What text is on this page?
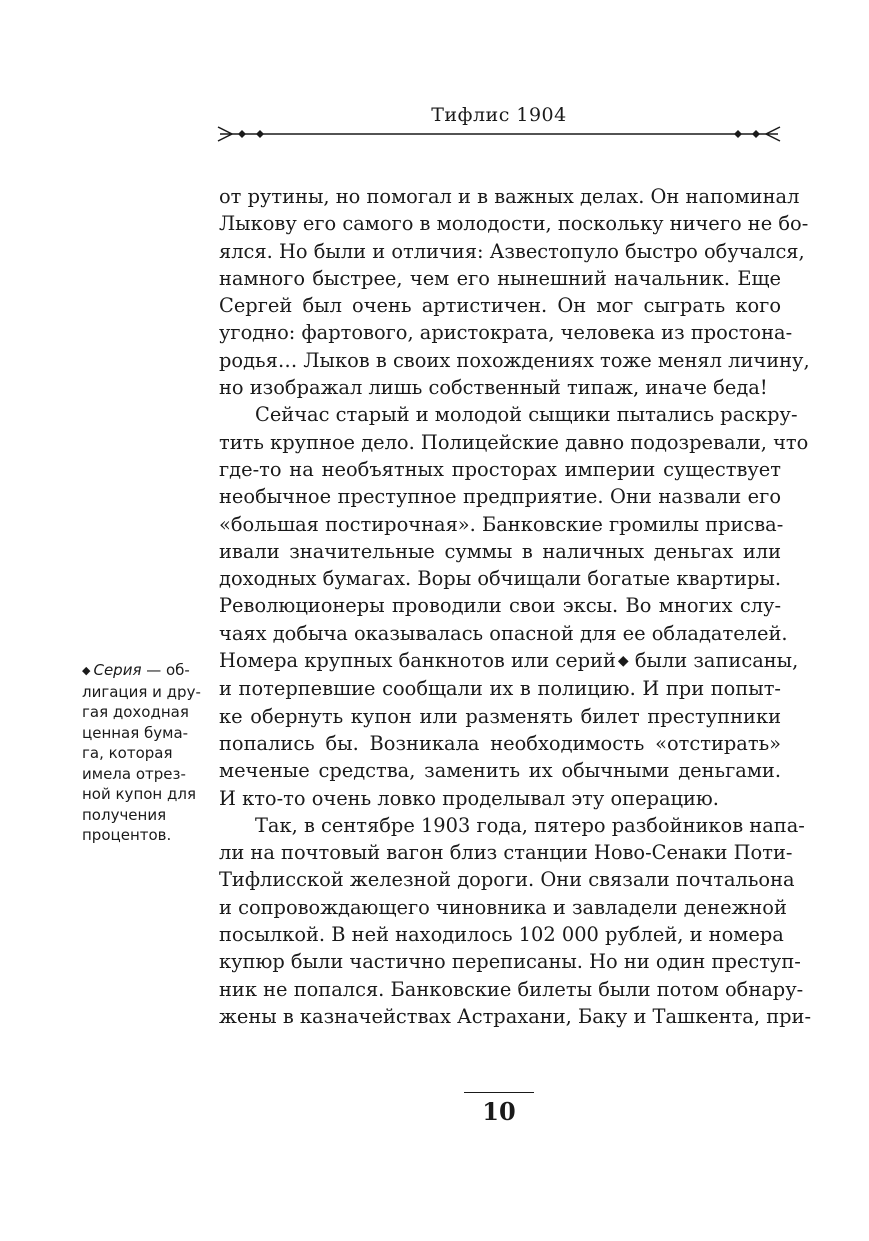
Тифлис 1904
от рутины, но помогал и в важных делах. Он напоминал
Лыкову его самого в молодости, поскольку ничего не бо-
ялся. Но были и отличия: Азвестопуло быстро обучался,
намного быстрее, чем его нынешний начальник. Еще
Сергей был очень артистичен. Он мог сыграть кого
угодно: фартового, аристократа, человека из простона-
родья… Лыков в своих похождениях тоже менял личину,
но изображал лишь собственный типаж, иначе беда!
Сейчас старый и молодой сыщики пытались раскру-
тить крупное дело. Полицейские давно подозревали, что
где-то на необъятных просторах империи существует
необычное преступное предприятие. Они назвали его
«большая постирочная». Банковские громилы присва-
ивали значительные суммы в наличных деньгах или
доходных бумагах. Воры обчищали богатые квартиры.
Революционеры проводили свои эксы. Во многих слу-
чаях добыча оказывалась опасной для ее обладателей.
Номера крупных банкнотов или серий ◆ были записаны,
и потерпевшие сообщали их в полицию. И при попыт-
ке обернуть купон или разменять билет преступники
попались бы. Возникала необходимость «отстирать»
меченые средства, заменить их обычными деньгами.
И кто-то очень ловко проделывал эту операцию.
Так, в сентябре 1903 года, пятеро разбойников напа-
ли на почтовый вагон близ станции Ново-Сенаки Поти-
Тифлисской железной дороги. Они связали почтальона
и сопровождающего чиновника и завладели денежной
посылкой. В ней находилось 102 000 рублей, и номера
купюр были частично переписаны. Но ни один преступ-
ник не попался. Банковские билеты были потом обнару-
жены в казначействах Астрахани, Баку и Ташкента, при-
◆ Серия — об-
лигация и дру-
гая доходная
ценная бума-
га, которая
имела отрез-
ной купон для
получения
процентов.
10
